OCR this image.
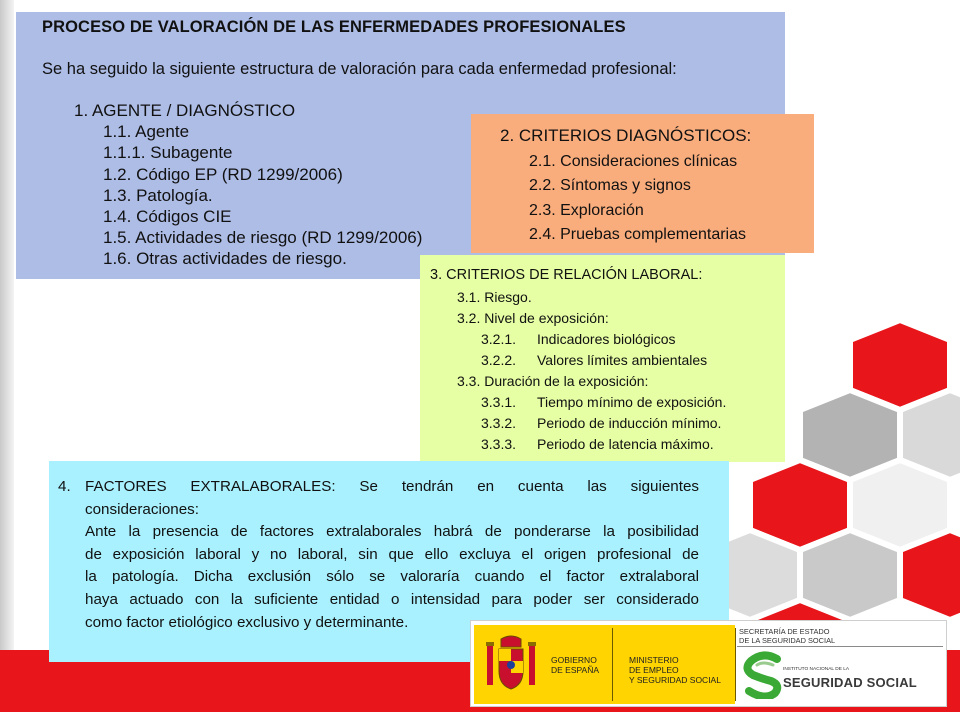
PROCESO DE VALORACIÓN DE LAS ENFERMEDADES PROFESIONALES
Se ha seguido la siguiente estructura de valoración para cada enfermedad profesional:
1. AGENTE / DIAGNÓSTICO
1.1. Agente
1.1.1. Subagente
1.2. Código EP (RD 1299/2006)
1.3. Patología.
1.4. Códigos CIE
1.5. Actividades de riesgo (RD 1299/2006)
1.6. Otras actividades de riesgo.
2. CRITERIOS DIAGNÓSTICOS:
2.1. Consideraciones clínicas
2.2. Síntomas y signos
2.3. Exploración
2.4. Pruebas complementarias
3. CRITERIOS DE RELACIÓN LABORAL:
3.1. Riesgo.
3.2. Nivel de exposición:
3.2.1. Indicadores biológicos
3.2.2. Valores límites ambientales
3.3. Duración de la exposición:
3.3.1. Tiempo mínimo de exposición.
3.3.2. Periodo de inducción mínimo.
3.3.3. Periodo de latencia máximo.
4. FACTORES EXTRALABORALES: Se tendrán en cuenta las siguientes
consideraciones:
Ante la presencia de factores extralaborales habrá de ponderarse la posibilidad
de exposición laboral y no laboral, sin que ello excluya el origen profesional de
la patología. Dicha exclusión sólo se valoraría cuando el factor extralaboral
haya actuado con la suficiente entidad o intensidad para poder ser considerado
como factor etiológico exclusivo y determinante.
GOBIERNO
DE ESPAÑA
MINISTERIO
DE EMPLEO
Y SEGURIDAD SOCIAL
SECRETARÍA DE ESTADO
DE LA SEGURIDAD SOCIAL
INSTITUTO NACIONAL DE LA
SEGURIDAD SOCIAL
